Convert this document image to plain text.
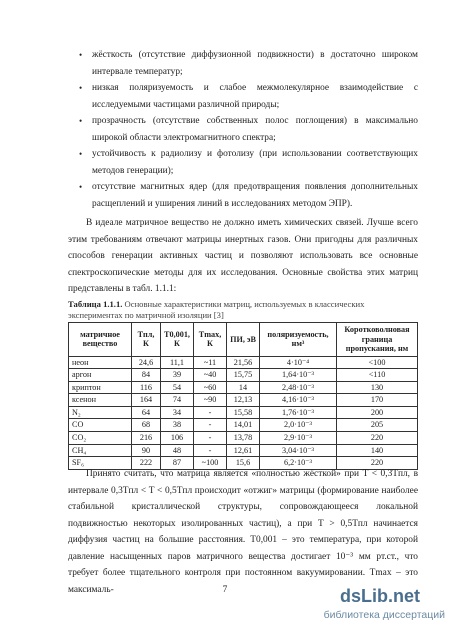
• жёсткость (отсутствие диффузионной подвижности) в достаточно широком интервале температур;
• низкая поляризуемость и слабое межмолекулярное взаимодействие с исследуемыми частицами различной природы;
• прозрачность (отсутствие собственных полос поглощения) в максимально широкой области электромагнитного спектра;
• устойчивость к радиолизу и фотолизу (при использовании соответствующих методов генерации);
• отсутствие магнитных ядер (для предотвращения появления дополнительных расщеплений и уширения линий в исследованиях методом ЭПР).

В идеале матричное вещество не должно иметь химических связей. Лучше всего этим требованиям отвечают матрицы инертных газов. Они пригодны для различных способов генерации активных частиц и позволяют использовать все основные спектроскопические методы для их исследования. Основные свойства этих матриц представлены в табл. 1.1.1:

Таблица 1.1.1. Основные характеристики матриц, используемых в классических экспериментах по матричной изоляции [3]

матричное вещество	Tпл, К	T0,001, К	Tmax, К	ПИ, эВ	поляризуемость, нм³	Коротковолновая граница пропускания, нм
неон	24,6	11,1	~11	21,56	4·10⁻⁴	<100
аргон	84	39	~40	15,75	1,64·10⁻³	<110
криптон	116	54	~60	14	2,48·10⁻³	130
ксенон	164	74	~90	12,13	4,16·10⁻³	170
N₂	64	34	-	15,58	1,76·10⁻³	200
CO	68	38	-	14,01	2,0·10⁻³	205
CO₂	216	106	-	13,78	2,9·10⁻³	220
CH₄	90	48	-	12,61	3,04·10⁻³	140
SF₆	222	87	~100	15,6	6,2·10⁻³	220

Принято считать, что матрица является «полностью жёсткой» при T < 0,3Tпл, в интервале 0,3Tпл < T < 0,5Tпл происходит «отжиг» матрицы (формирование наиболее стабильной кристаллической структуры, сопровождающееся локальной подвижностью некоторых изолированных частиц), а при T > 0,5Tпл начинается диффузия частиц на большие расстояния. T0,001 – это температура, при которой давление насыщенных паров матричного вещества достигает 10⁻³ мм рт.ст., что требует более тщательного контроля при постоянном вакуумировании. Tmax – это максималь-	7	dsLib.net
библиотека диссертаций
